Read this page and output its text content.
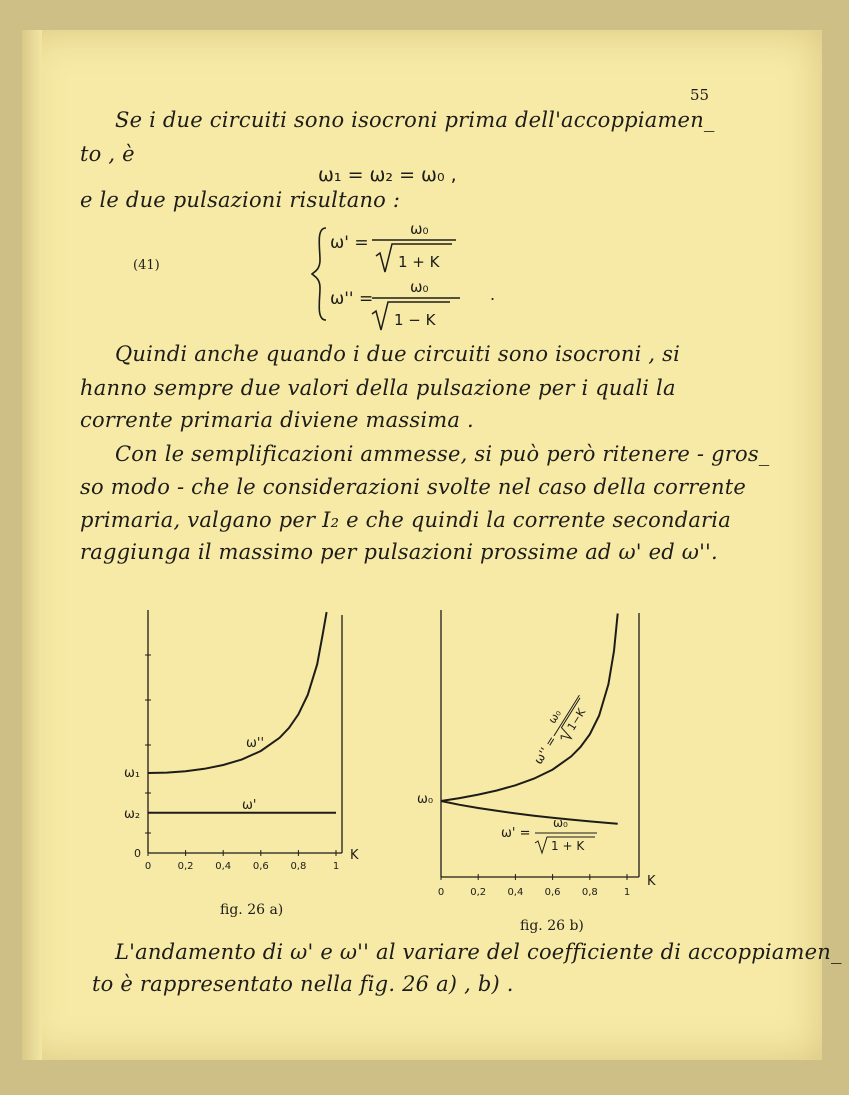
55
Se i due circuiti sono isocroni prima dell'accoppiamen_
to , è
ω₁ = ω₂ = ω₀ ,
e le due pulsazioni risultano :
(41)
ω' =
ω₀
1 + K
ω'' =
ω₀
1 − K
.
Quindi anche quando i due circuiti sono isocroni , si
hanno sempre due valori della pulsazione per i quali la
corrente primaria diviene massima .
Con le semplificazioni ammesse, si può però ritenere - gros_
so modo - che le considerazioni svolte nel caso della corrente
primaria, valgano per I₂ e che quindi la corrente secondaria
raggiunga il massimo per pulsazioni prossime ad ω' ed ω''.
0	0,2 0,4 0,6 0,8	1
ω''
ω'
ω₁
ω₂
0	K
fig. 26 a)
0	0,2 0,4 0,6 0,8	1
ω₀
ω'' =
ω₀ 1−K
ω' =
ω₀
1 + K
K
fig. 26 b)
L'andamento di ω' e ω'' al variare del coefficiente di accoppiamen_
to è rappresentato nella fig. 26 a) , b) .
